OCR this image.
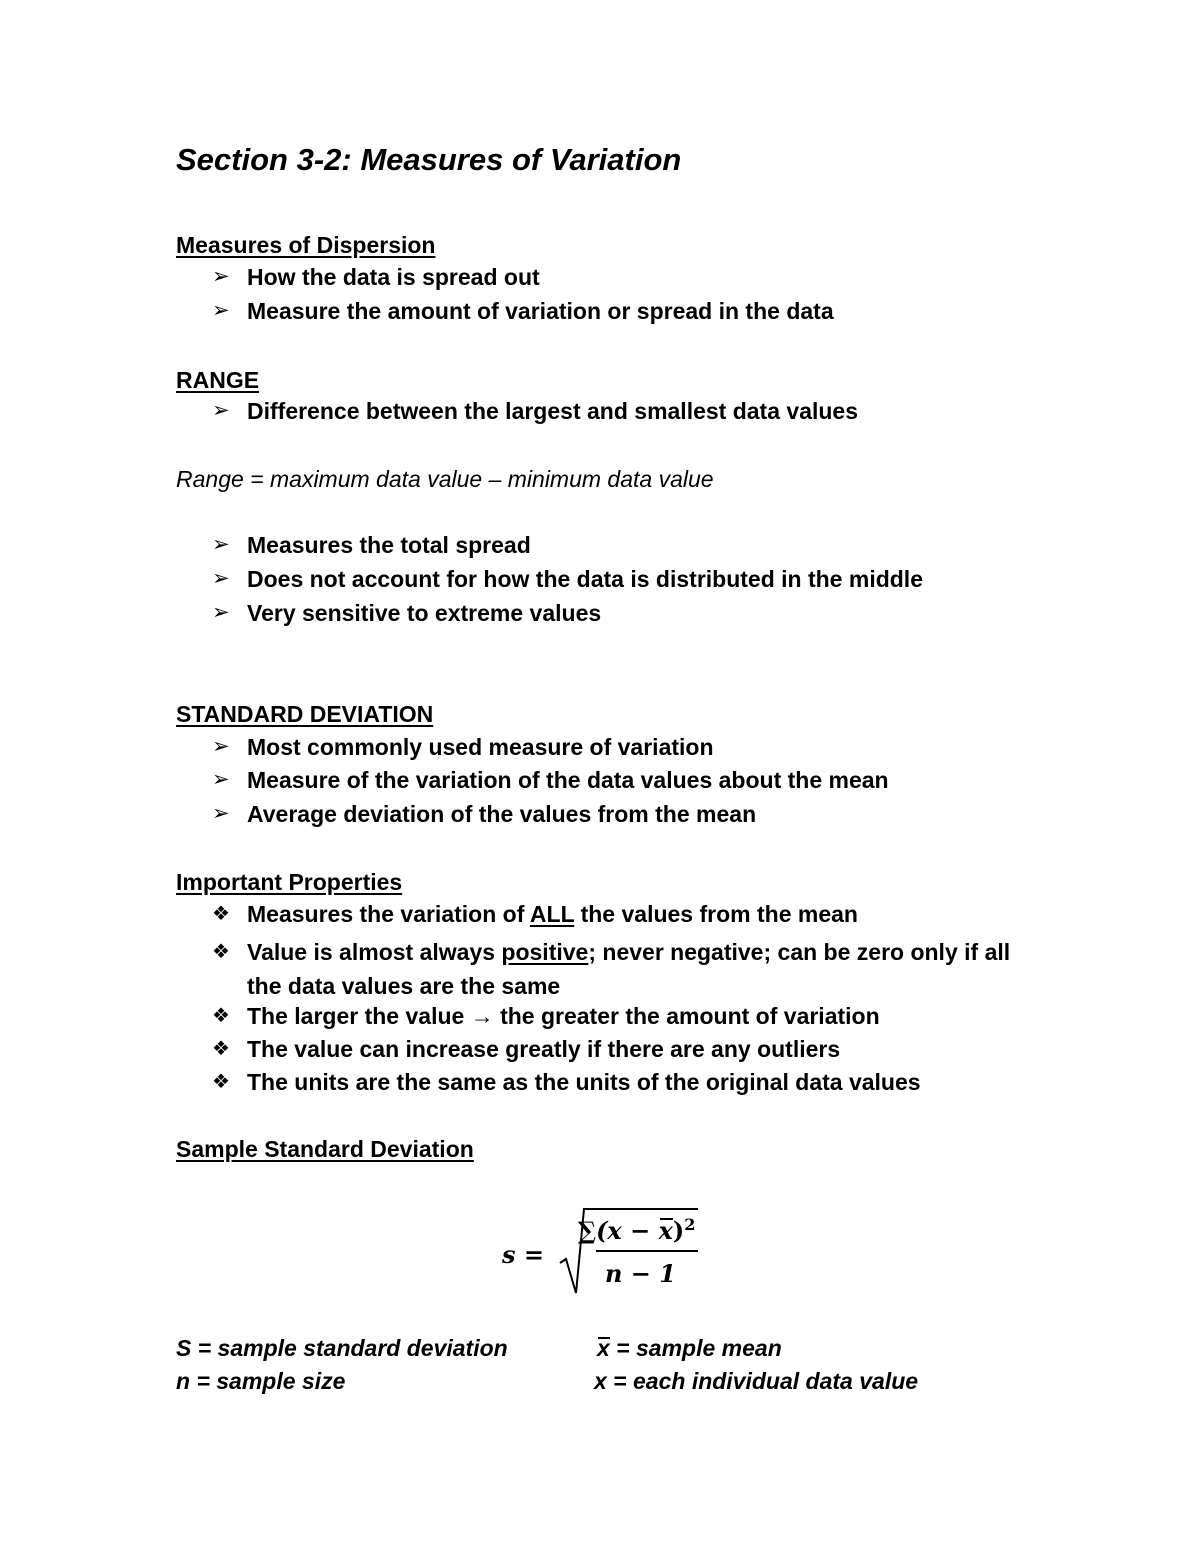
Section 3-2: Measures of Variation
Measures of Dispersion
➢ How the data is spread out
➢ Measure the amount of variation or spread in the data
RANGE
➢ Difference between the largest and smallest data values
Range = maximum data value – minimum data value
➢ Measures the total spread
➢ Does not account for how the data is distributed in the middle
➢ Very sensitive to extreme values
STANDARD DEVIATION
➢ Most commonly used measure of variation
➢ Measure of the variation of the data values about the mean
➢ Average deviation of the values from the mean
Important Properties
❖ Measures the variation of ALL the values from the mean
❖ Value is almost always positive; never negative; can be zero only if all the data values are the same
❖ The larger the value → the greater the amount of variation
❖ The value can increase greatly if there are any outliers
❖ The units are the same as the units of the original data values
Sample Standard Deviation
s =
$\sum(x - x)^2$
n − 1
S = sample standard deviation	x = sample mean
n = sample size	x = each individual data value
